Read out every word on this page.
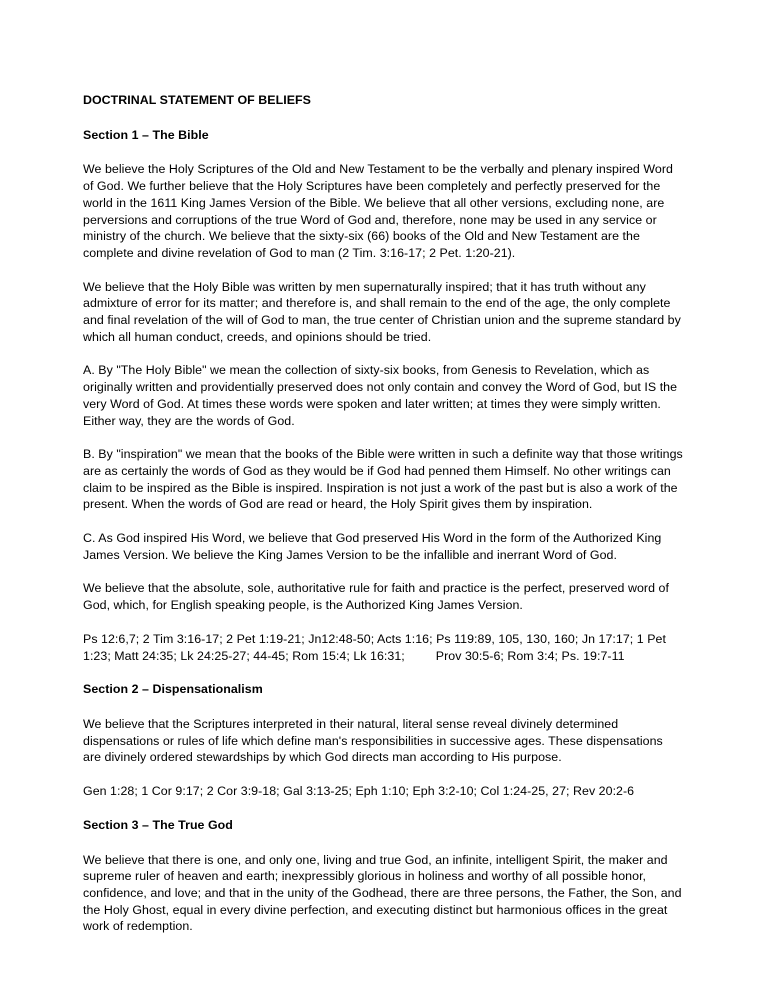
DOCTRINAL STATEMENT OF BELIEFS

Section 1 – The Bible

We believe the Holy Scriptures of the Old and New Testament to be the verbally and plenary inspired Word of God. We further believe that the Holy Scriptures have been completely and perfectly preserved for the world in the 1611 King James Version of the Bible. We believe that all other versions, excluding none, are perversions and corruptions of the true Word of God and, therefore, none may be used in any service or ministry of the church. We believe that the sixty-six (66) books of the Old and New Testament are the complete and divine revelation of God to man (2 Tim. 3:16-17; 2 Pet. 1:20-21).

We believe that the Holy Bible was written by men supernaturally inspired; that it has truth without any admixture of error for its matter; and therefore is, and shall remain to the end of the age, the only complete and final revelation of the will of God to man, the true center of Christian union and the supreme standard by which all human conduct, creeds, and opinions should be tried.

A. By "The Holy Bible" we mean the collection of sixty-six books, from Genesis to Revelation, which as originally written and providentially preserved does not only contain and convey the Word of God, but IS the very Word of God. At times these words were spoken and later written; at times they were simply written. Either way, they are the words of God.

B. By "inspiration" we mean that the books of the Bible were written in such a definite way that those writings are as certainly the words of God as they would be if God had penned them Himself. No other writings can claim to be inspired as the Bible is inspired. Inspiration is not just a work of the past but is also a work of the present. When the words of God are read or heard, the Holy Spirit gives them by inspiration.

C. As God inspired His Word, we believe that God preserved His Word in the form of the Authorized King James Version. We believe the King James Version to be the infallible and inerrant Word of God.

We believe that the absolute, sole, authoritative rule for faith and practice is the perfect, preserved word of God, which, for English speaking people, is the Authorized King James Version.

Ps 12:6,7; 2 Tim 3:16-17; 2 Pet 1:19-21; Jn12:48-50; Acts 1:16; Ps 119:89, 105, 130, 160; Jn 17:17; 1 Pet 1:23; Matt 24:35; Lk 24:25-27; 44-45; Rom 15:4; Lk 16:31;	Prov 30:5-6; Rom 3:4; Ps. 19:7-11

Section 2 – Dispensationalism

We believe that the Scriptures interpreted in their natural, literal sense reveal divinely determined dispensations or rules of life which define man's responsibilities in successive ages. These dispensations are divinely ordered stewardships by which God directs man according to His purpose.

Gen 1:28; 1 Cor 9:17; 2 Cor 3:9-18; Gal 3:13-25; Eph 1:10; Eph 3:2-10; Col 1:24-25, 27; Rev 20:2-6

Section 3 – The True God

We believe that there is one, and only one, living and true God, an infinite, intelligent Spirit, the maker and supreme ruler of heaven and earth; inexpressibly glorious in holiness and worthy of all possible honor, confidence, and love; and that in the unity of the Godhead, there are three persons, the Father, the Son, and the Holy Ghost, equal in every divine perfection, and executing distinct but harmonious offices in the great work of redemption.
